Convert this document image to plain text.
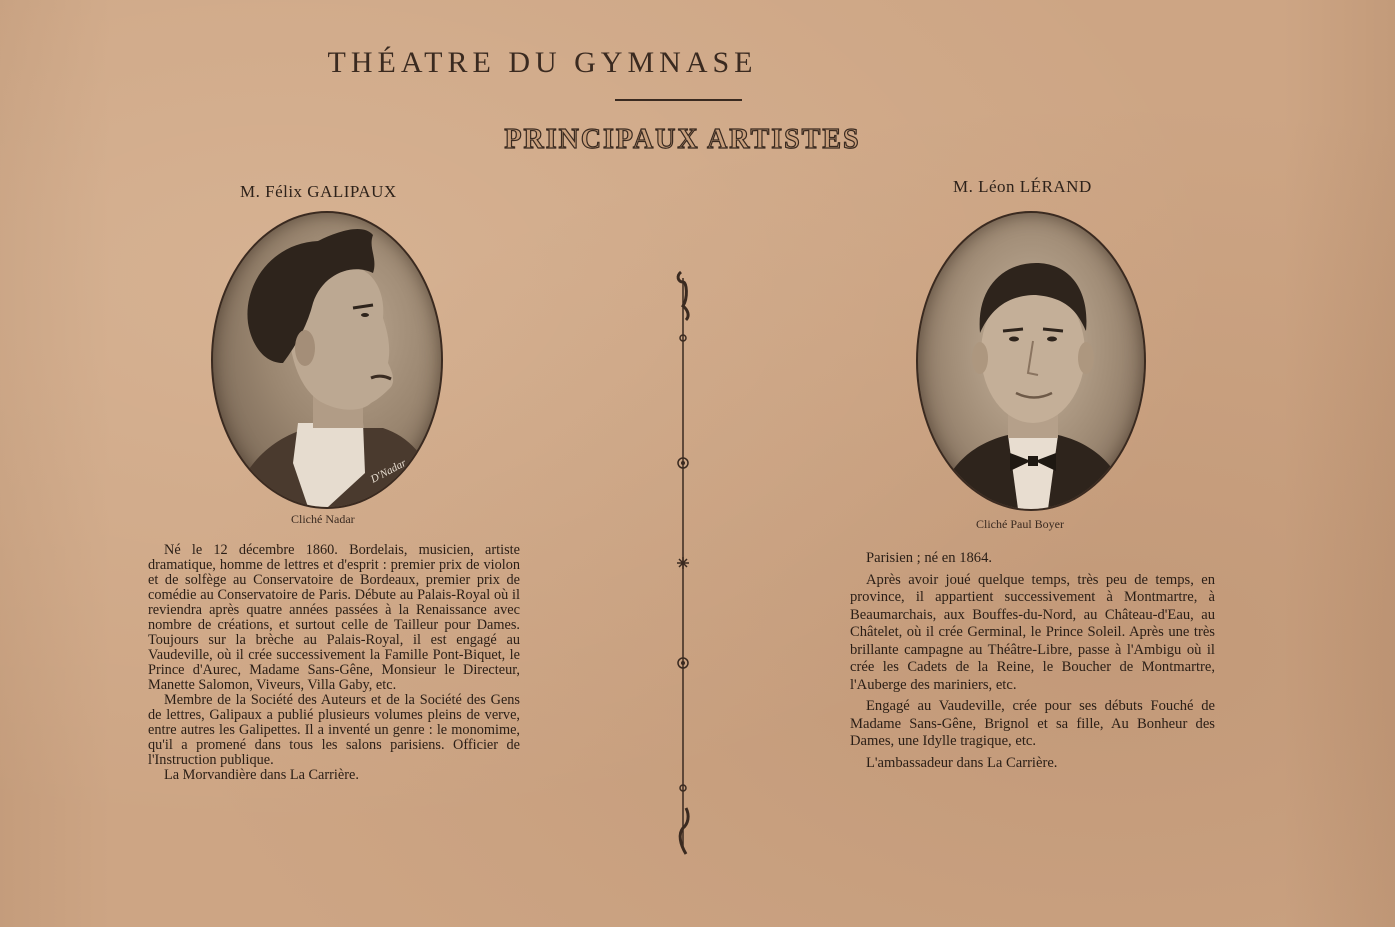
THÉATRE DU GYMNASE
PRINCIPAUX ARTISTES
M. Félix GALIPAUX
D'Nadar
Cliché Nadar

Né le 12 décembre 1860. Bordelais, musicien, artiste dramatique, homme de lettres et d'esprit : premier prix de violon et de solfège au Conservatoire de Bordeaux, premier prix de comédie au Conservatoire de Paris. Débute au Palais-Royal où il reviendra après quatre années passées à la Renaissance avec nombre de créations, et surtout celle de Tailleur pour Dames. Toujours sur la brèche au Palais-Royal, il est engagé au Vaudeville, où il crée successivement la Famille Pont-Biquet, le Prince d'Aurec, Madame Sans-Gêne, Monsieur le Directeur, Manette Salomon, Viveurs, Villa Gaby, etc.

Membre de la Société des Auteurs et de la Société des Gens de lettres, Galipaux a publié plusieurs volumes pleins de verve, entre autres les Galipettes. Il a inventé un genre : le monomime, qu'il a promené dans tous les salons parisiens. Officier de l'Instruction publique.

La Morvandière dans La Carrière.

M. Léon LÉRAND
Cliché Paul Boyer

Parisien ; né en 1864.

Après avoir joué quelque temps, très peu de temps, en province, il appartient successivement à Montmartre, à Beaumarchais, aux Bouffes-du-Nord, au Château-d'Eau, au Châtelet, où il crée Germinal, le Prince Soleil. Après une très brillante campagne au Théâtre-Libre, passe à l'Ambigu où il crée les Cadets de la Reine, le Boucher de Montmartre, l'Auberge des mariniers, etc.

Engagé au Vaudeville, crée pour ses débuts Fouché de Madame Sans-Gêne, Brignol et sa fille, Au Bonheur des Dames, une Idylle tragique, etc.

L'ambassadeur dans La Carrière.
